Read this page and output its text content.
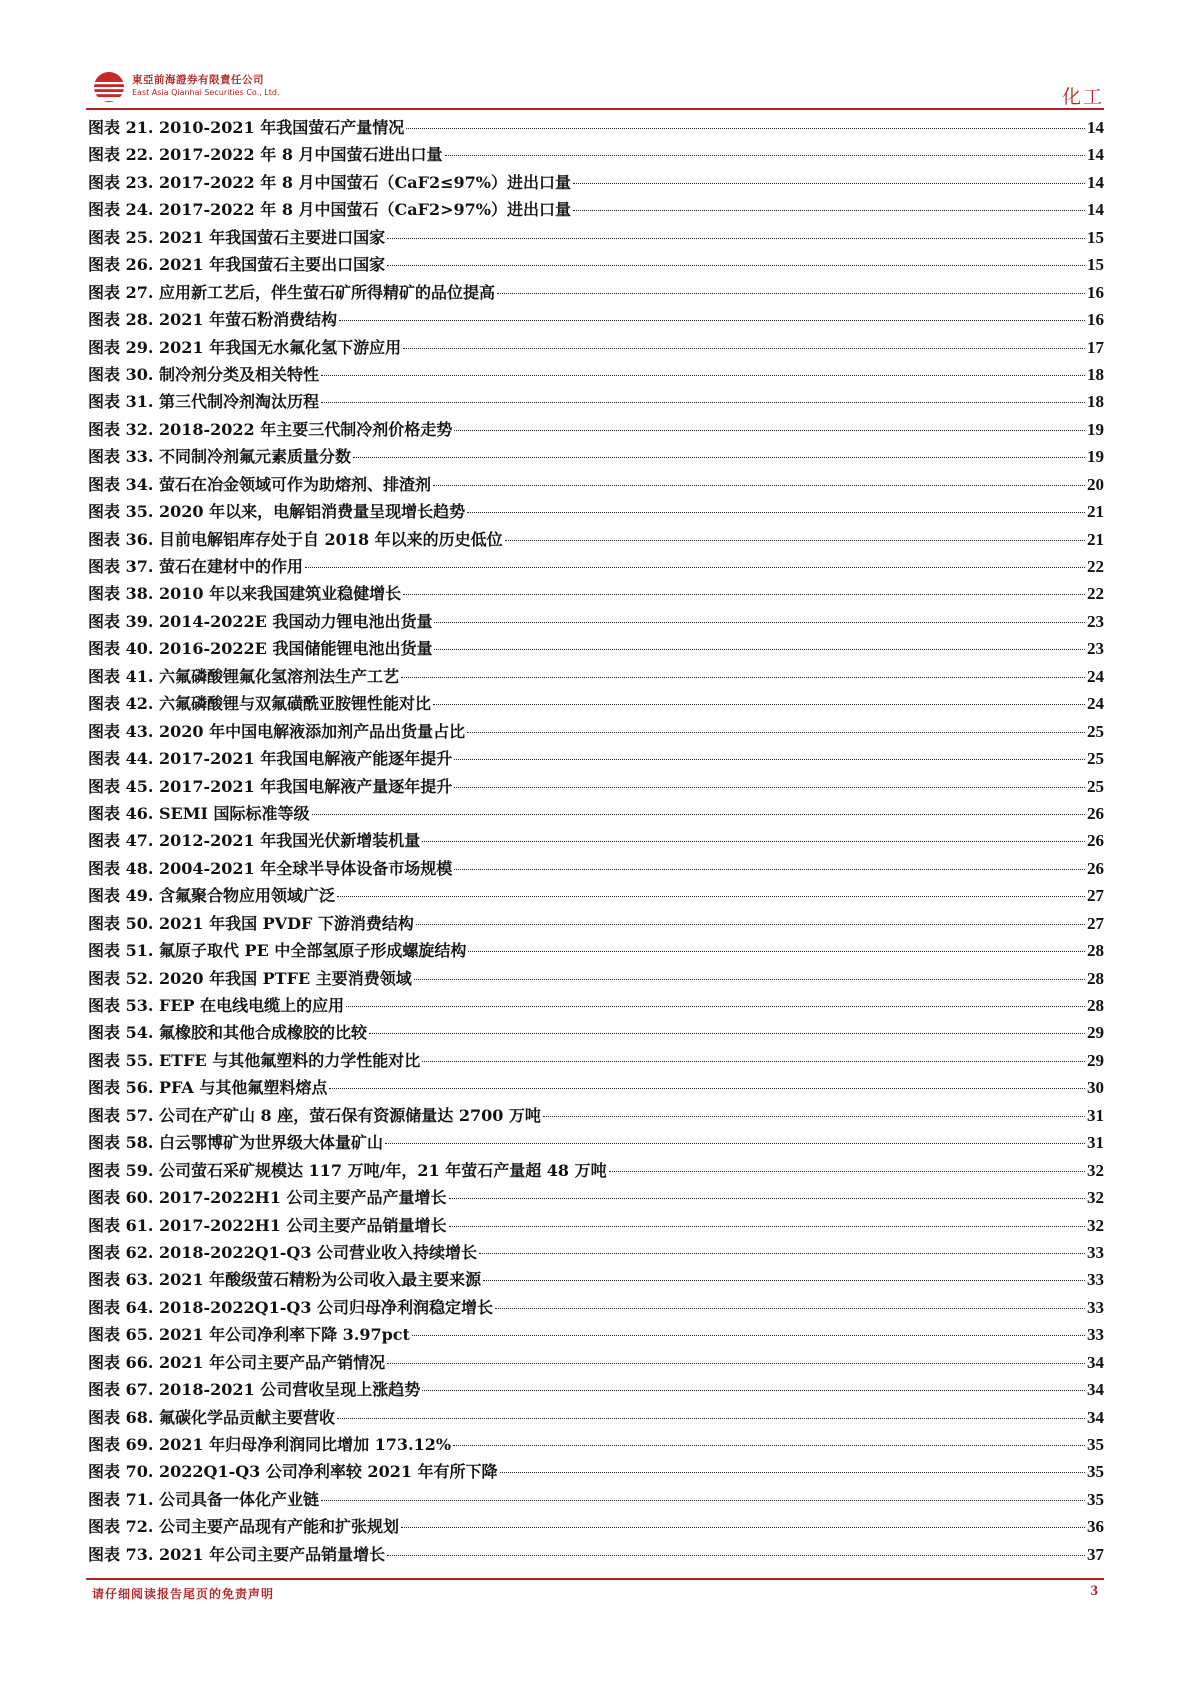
東亞前海證券有限責任公司
East Asia Qianhai Securities Co., Ltd.	化工
图表 21. 2010-2021 年我国萤石产量情况	14
图表 22. 2017-2022 年 8 月中国萤石进出口量	14
图表 23. 2017-2022 年 8 月中国萤石（CaF2≤97%）进出口量	14
图表 24. 2017-2022 年 8 月中国萤石（CaF2>97%）进出口量	14
图表 25. 2021 年我国萤石主要进口国家	15
图表 26. 2021 年我国萤石主要出口国家	15
图表 27. 应用新工艺后，伴生萤石矿所得精矿的品位提高	16
图表 28. 2021 年萤石粉消费结构	16
图表 29. 2021 年我国无水氟化氢下游应用	17
图表 30. 制冷剂分类及相关特性	18
图表 31. 第三代制冷剂淘汰历程	18
图表 32. 2018-2022 年主要三代制冷剂价格走势	19
图表 33. 不同制冷剂氟元素质量分数	19
图表 34. 萤石在冶金领域可作为助熔剂、排渣剂	20
图表 35. 2020 年以来，电解铝消费量呈现增长趋势	21
图表 36. 目前电解铝库存处于自 2018 年以来的历史低位	21
图表 37. 萤石在建材中的作用	22
图表 38. 2010 年以来我国建筑业稳健增长	22
图表 39. 2014-2022E 我国动力锂电池出货量	23
图表 40. 2016-2022E 我国储能锂电池出货量	23
图表 41. 六氟磷酸锂氟化氢溶剂法生产工艺	24
图表 42. 六氟磷酸锂与双氟磺酰亚胺锂性能对比	24
图表 43. 2020 年中国电解液添加剂产品出货量占比	25
图表 44. 2017-2021 年我国电解液产能逐年提升	25
图表 45. 2017-2021 年我国电解液产量逐年提升	25
图表 46. SEMI 国际标准等级	26
图表 47. 2012-2021 年我国光伏新增装机量	26
图表 48. 2004-2021 年全球半导体设备市场规模	26
图表 49. 含氟聚合物应用领域广泛	27
图表 50. 2021 年我国 PVDF 下游消费结构	27
图表 51. 氟原子取代 PE 中全部氢原子形成螺旋结构	28
图表 52. 2020 年我国 PTFE 主要消费领域	28
图表 53. FEP 在电线电缆上的应用	28
图表 54. 氟橡胶和其他合成橡胶的比较	29
图表 55. ETFE 与其他氟塑料的力学性能对比	29
图表 56. PFA 与其他氟塑料熔点	30
图表 57. 公司在产矿山 8 座，萤石保有资源储量达 2700 万吨	31
图表 58. 白云鄂博矿为世界级大体量矿山	31
图表 59. 公司萤石采矿规模达 117 万吨/年，21 年萤石产量超 48 万吨	32
图表 60. 2017-2022H1 公司主要产品产量增长	32
图表 61. 2017-2022H1 公司主要产品销量增长	32
图表 62. 2018-2022Q1-Q3 公司营业收入持续增长	33
图表 63. 2021 年酸级萤石精粉为公司收入最主要来源	33
图表 64. 2018-2022Q1-Q3 公司归母净利润稳定增长	33
图表 65. 2021 年公司净利率下降 3.97pct	33
图表 66. 2021 年公司主要产品产销情况	34
图表 67. 2018-2021 公司营收呈现上涨趋势	34
图表 68. 氟碳化学品贡献主要营收	34
图表 69. 2021 年归母净利润同比增加 173.12%	35
图表 70. 2022Q1-Q3 公司净利率较 2021 年有所下降	35
图表 71. 公司具备一体化产业链	35
图表 72. 公司主要产品现有产能和扩张规划	36
图表 73. 2021 年公司主要产品销量增长	37
请仔细阅读报告尾页的免责声明	3
